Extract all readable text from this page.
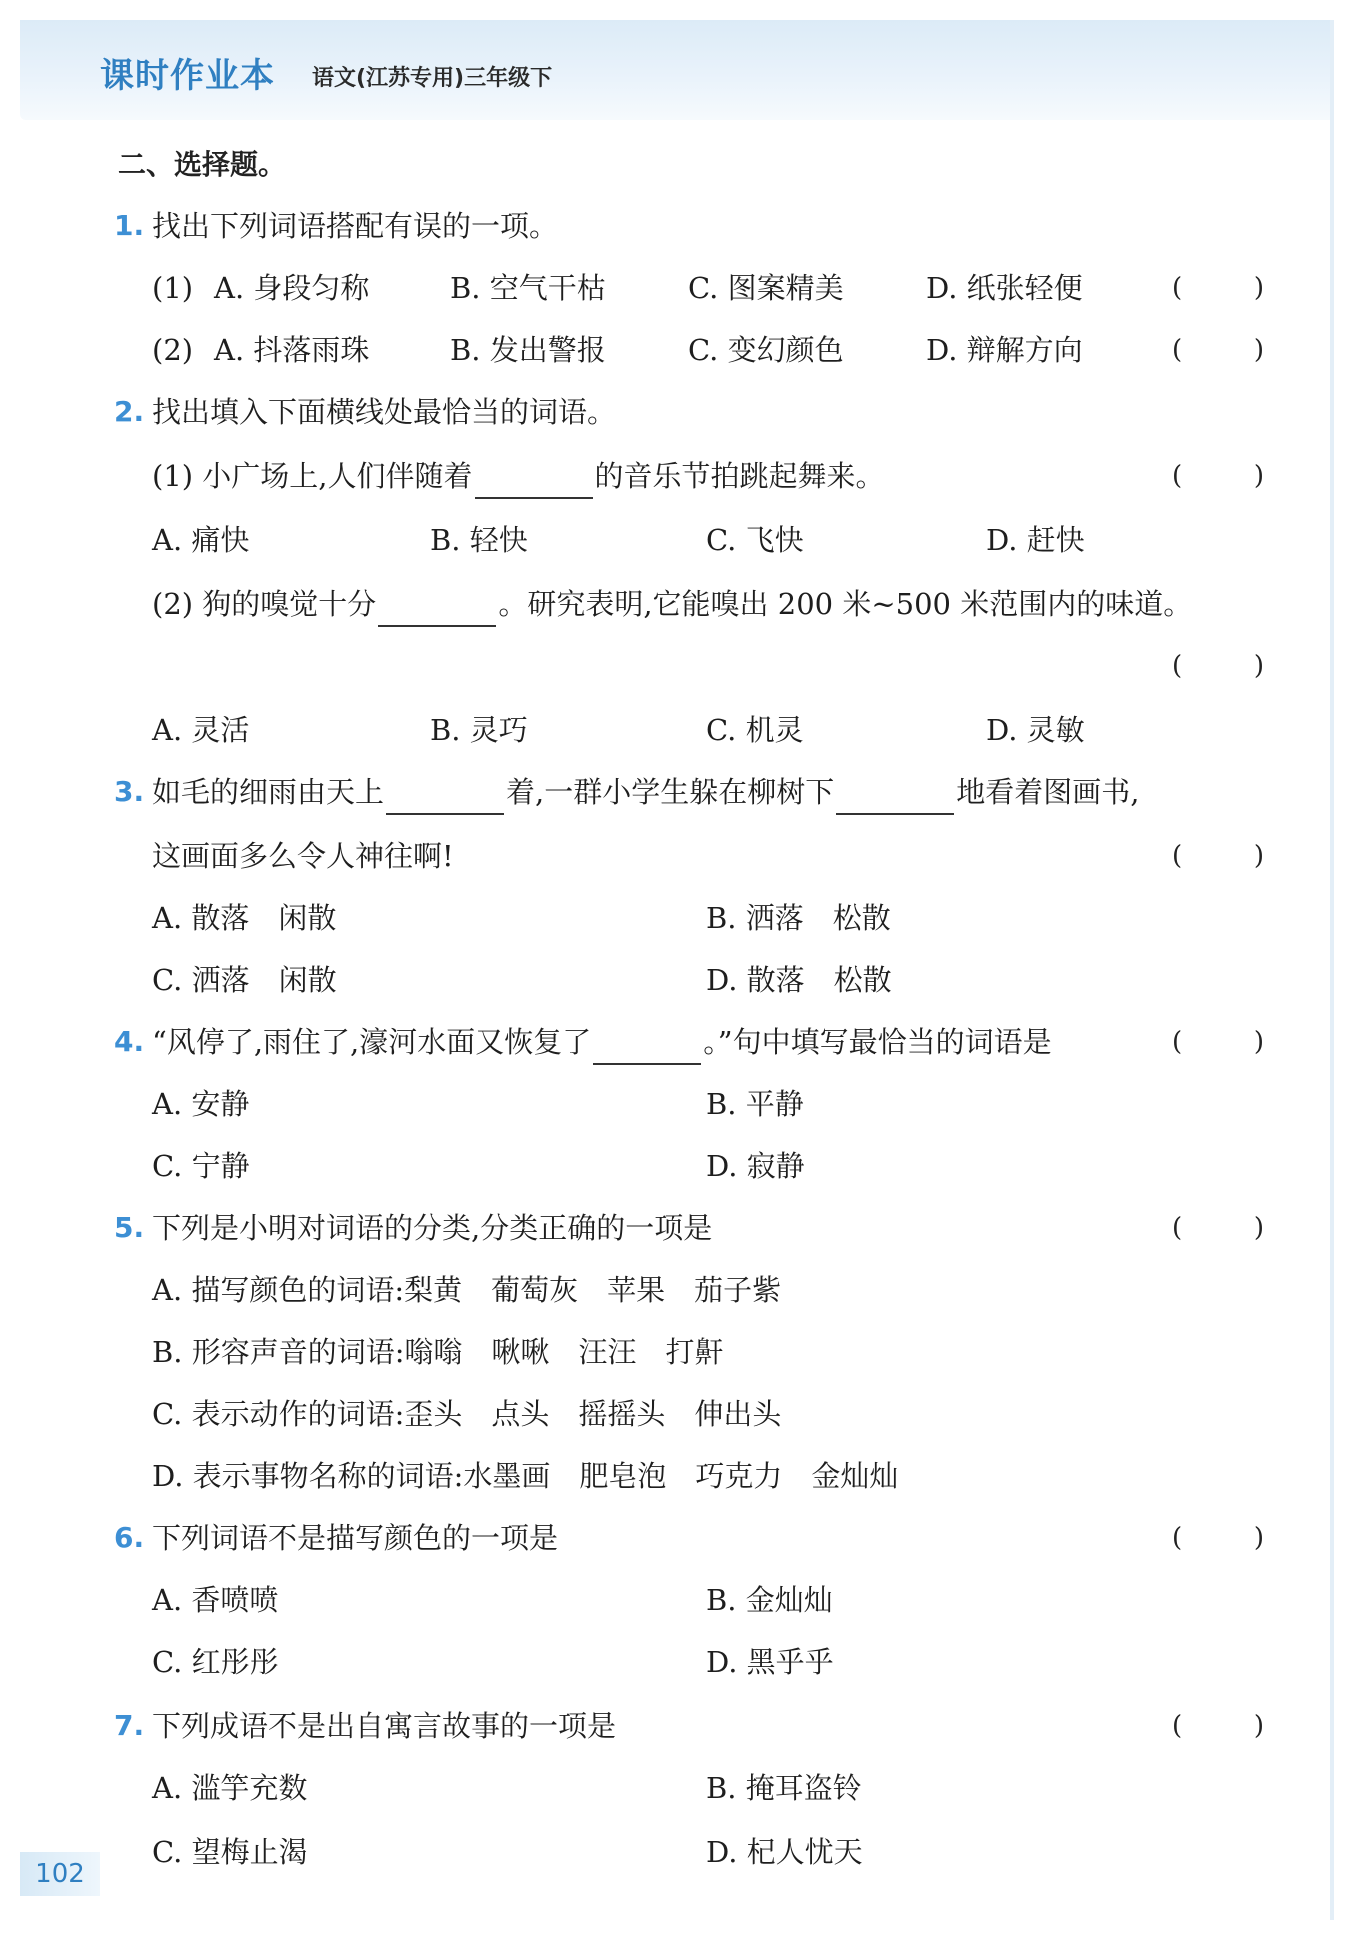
课时作业本 语文(江苏专用)三年级下
二、选择题。
1. 找出下列词语搭配有误的一项。
(1) A. 身段匀称	B. 空气干枯	C. 图案精美	D. 纸张轻便	(	)
(2) A. 抖落雨珠	B. 发出警报	C. 变幻颜色	D. 辩解方向	(	)
2. 找出填入下面横线处最恰当的词语。
(1) 小广场上,人们伴随着	的音乐节拍跳起舞来。	(	)
A. 痛快	B. 轻快	C. 飞快	D. 赶快
(2) 狗的嗅觉十分	。研究表明,它能嗅出 200 米~500 米范围内的味道。
(	)
A. 灵活	B. 灵巧	C. 机灵	D. 灵敏
3. 如毛的细雨由天上	着,一群小学生躲在柳树下	地看着图画书,
这画面多么令人神往啊!	(	)
A. 散落　闲散	B. 洒落　松散
C. 洒落　闲散	D. 散落　松散
4. “风停了,雨住了,濠河水面又恢复了	。”句中填写最恰当的词语是	(	)
A. 安静	B. 平静
C. 宁静	D. 寂静
5. 下列是小明对词语的分类,分类正确的一项是	(	)
A. 描写颜色的词语:梨黄　葡萄灰　苹果　茄子紫
B. 形容声音的词语:嗡嗡　啾啾　汪汪　打鼾
C. 表示动作的词语:歪头　点头　摇摇头　伸出头
D. 表示事物名称的词语:水墨画　肥皂泡　巧克力　金灿灿
6. 下列词语不是描写颜色的一项是	(	)
A. 香喷喷	B. 金灿灿
C. 红彤彤	D. 黑乎乎
7. 下列成语不是出自寓言故事的一项是	(	)
A. 滥竽充数	B. 掩耳盗铃
C. 望梅止渴	D. 杞人忧天
102
